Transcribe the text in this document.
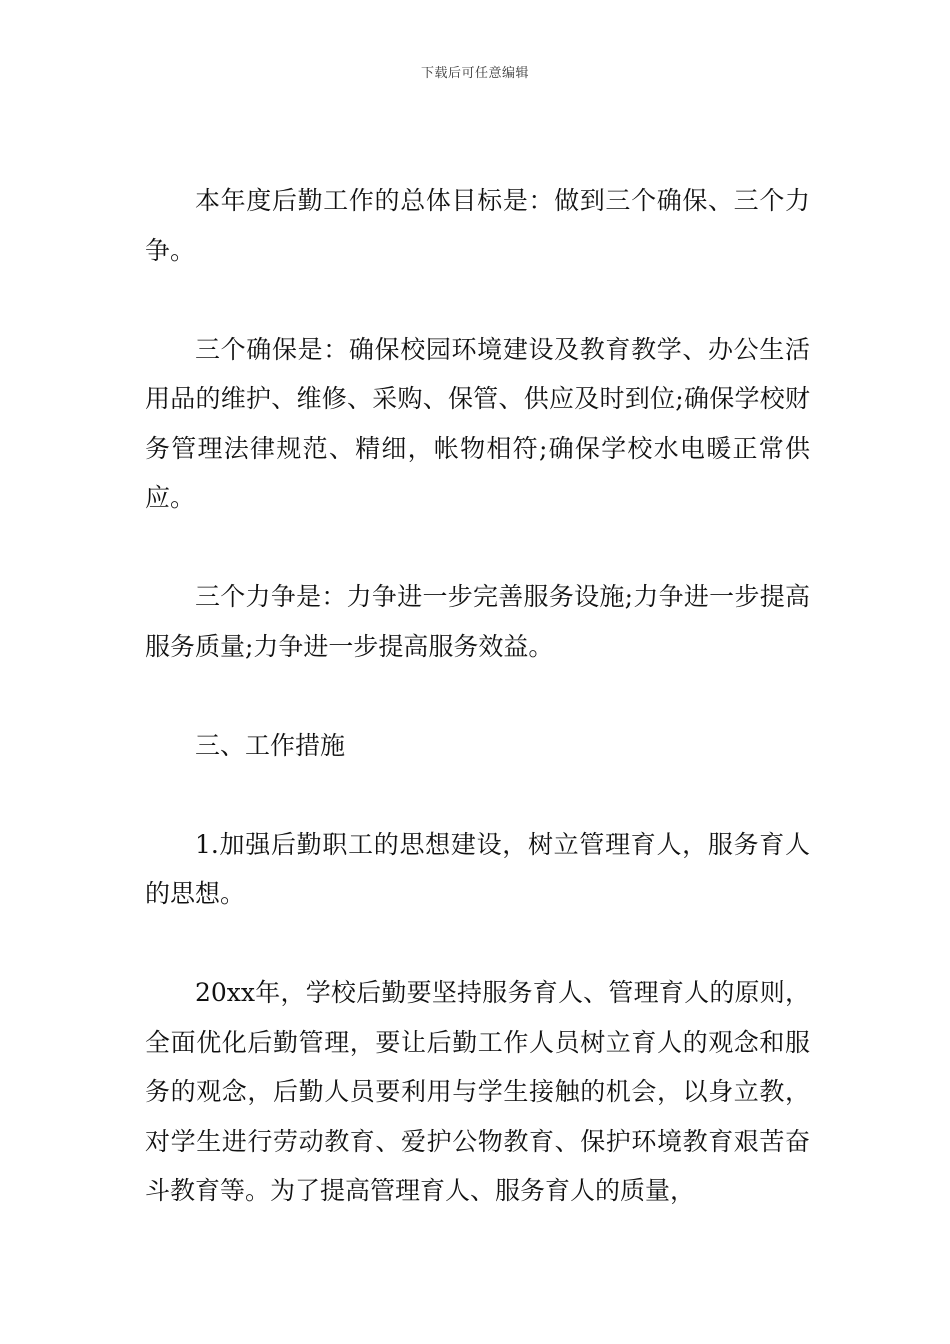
下载后可任意编辑

本年度后勤工作的总体目标是：做到三个确保、三个力争。

三个确保是：确保校园环境建设及教育教学、办公生活用品的维护、维修、采购、保管、供应及时到位;确保学校财务管理法律规范、精细，帐物相符;确保学校水电暖正常供应。

三个力争是：力争进一步完善服务设施;力争进一步提高服务质量;力争进一步提高服务效益。

三、工作措施

1.加强后勤职工的思想建设，树立管理育人，服务育人的思想。

20xx年，学校后勤要坚持服务育人、管理育人的原则，全面优化后勤管理，要让后勤工作人员树立育人的观念和服务的观念，后勤人员要利用与学生接触的机会，以身立教，对学生进行劳动教育、爱护公物教育、保护环境教育艰苦奋斗教育等。为了提高管理育人、服务育人的质量，
